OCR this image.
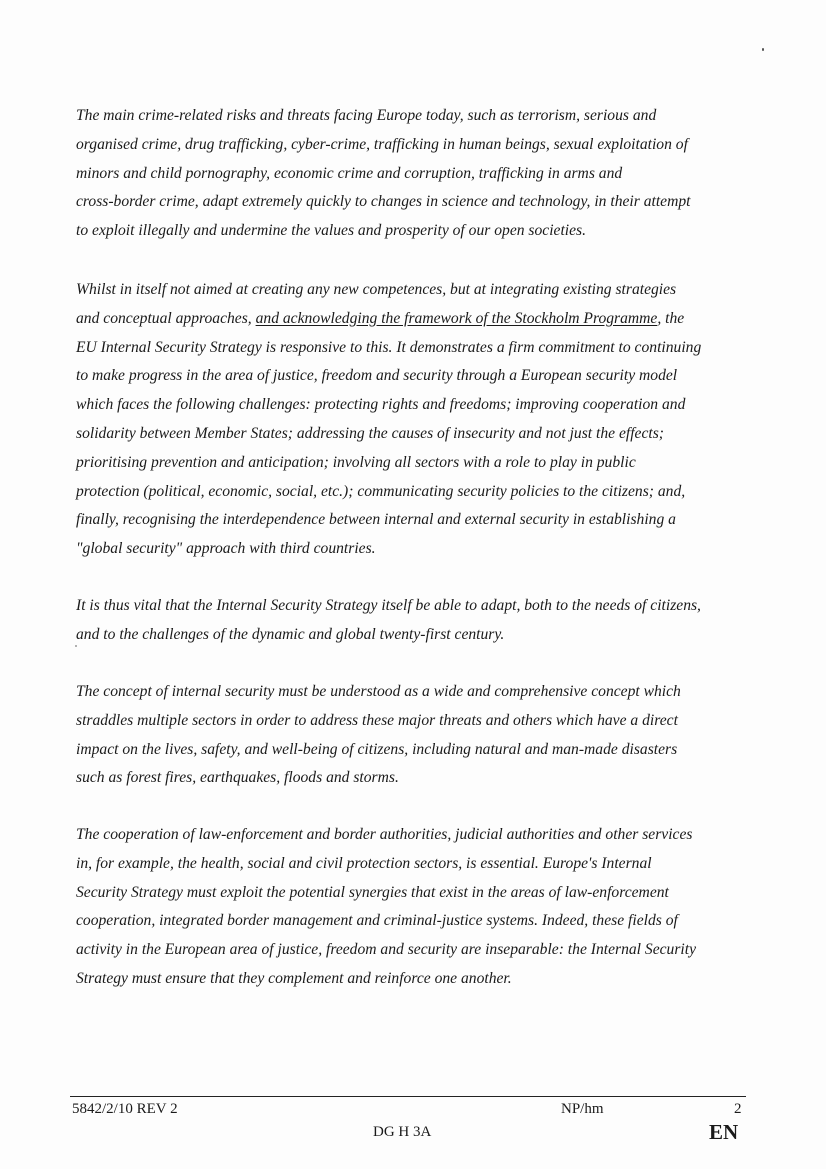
The main crime-related risks and threats facing Europe today, such as terrorism, serious and
organised crime, drug trafficking, cyber-crime, trafficking in human beings, sexual exploitation of
minors and child pornography, economic crime and corruption, trafficking in arms and
cross-border crime, adapt extremely quickly to changes in science and technology, in their attempt
to exploit illegally and undermine the values and prosperity of our open societies.
Whilst in itself not aimed at creating any new competences, but at integrating existing strategies
and conceptual approaches, and acknowledging the framework of the Stockholm Programme, the
EU Internal Security Strategy is responsive to this. It demonstrates a firm commitment to continuing
to make progress in the area of justice, freedom and security through a European security model
which faces the following challenges: protecting rights and freedoms; improving cooperation and
solidarity between Member States; addressing the causes of insecurity and not just the effects;
prioritising prevention and anticipation; involving all sectors with a role to play in public
protection (political, economic, social, etc.); communicating security policies to the citizens; and,
finally, recognising the interdependence between internal and external security in establishing a
"global security" approach with third countries.
It is thus vital that the Internal Security Strategy itself be able to adapt, both to the needs of citizens,
and to the challenges of the dynamic and global twenty-first century.
The concept of internal security must be understood as a wide and comprehensive concept which
straddles multiple sectors in order to address these major threats and others which have a direct
impact on the lives, safety, and well-being of citizens, including natural and man-made disasters
such as forest fires, earthquakes, floods and storms.
The cooperation of law-enforcement and border authorities, judicial authorities and other services
in, for example, the health, social and civil protection sectors, is essential. Europe's Internal
Security Strategy must exploit the potential synergies that exist in the areas of law-enforcement
cooperation, integrated border management and criminal-justice systems. Indeed, these fields of
activity in the European area of justice, freedom and security are inseparable: the Internal Security
Strategy must ensure that they complement and reinforce one another.
5842/2/10 REV 2	NP/hm	2
DG H 3A	EN
